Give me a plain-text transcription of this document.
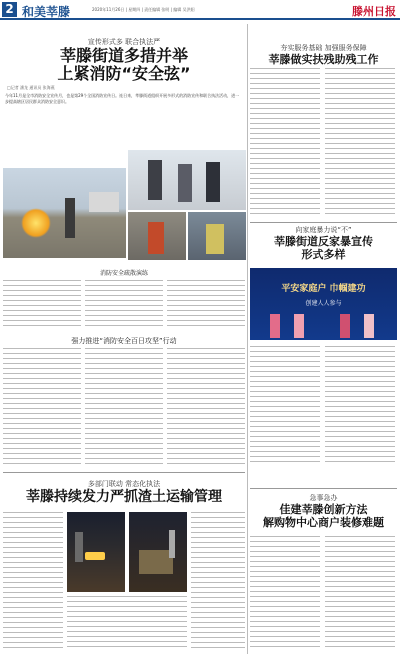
2 和美莘滕	2020年11月26日 | 星期四 | 责任编辑 张明 | 编辑 吴洪阳	滕州日报
宣传形式多 联合执法严
莘滕街道多措并举
上紧消防“安全弦”
□记者 潘龙 通讯员 张海燕
今年11月是全市消防安全宣传月，也是第29个全国消防宣传日。连日来，莘滕街道组织开展多形式的消防宣传和联合执法活动，进一步提高辖区居民群众消防安全意识。
消防安全疏散演练
强力推进“消防安全百日攻坚”行动
多部门联动 常态化执法
莘滕持续发力严抓渣土运输管理
夯实服务基础 加强服务保障
莘滕做实扶残助残工作
向家庭暴力说“不”
莘滕街道反家暴宣传
形式多样
平安家庭户 巾帼建功
创建人人参与
急事急办
佳建莘滕创新方法
解购物中心商户装修难题
